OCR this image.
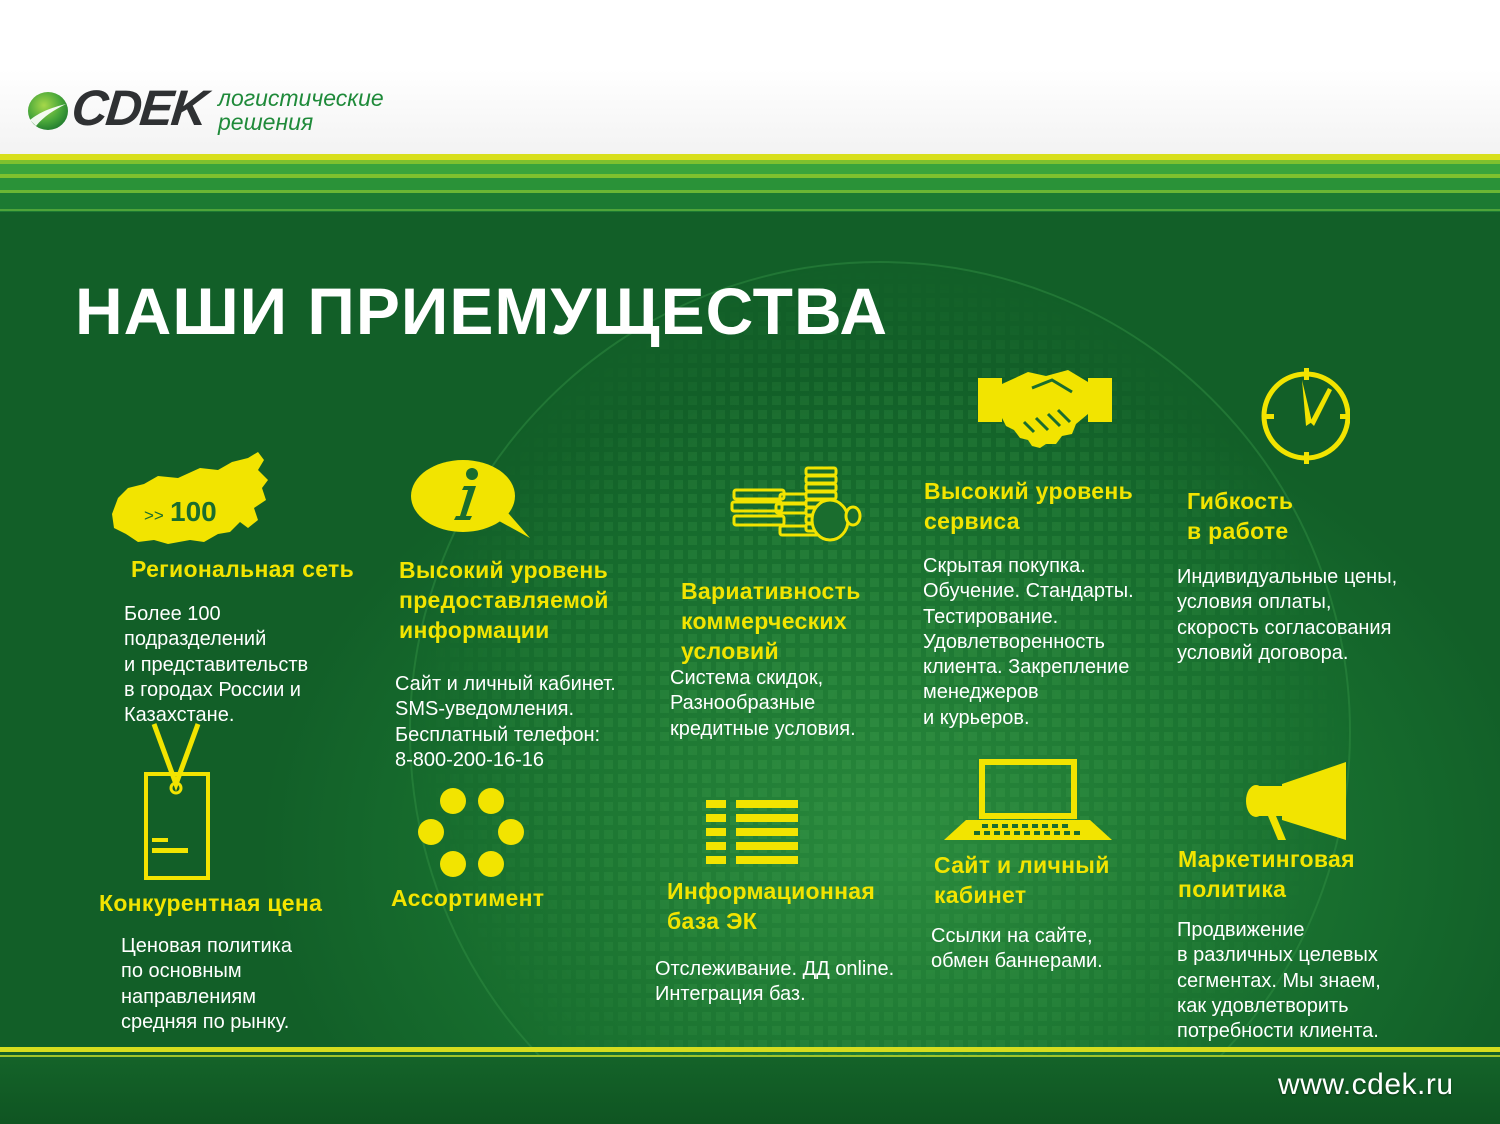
CDEK логистические
решения
НАШИ ПРИЕМУЩЕСТВА
>> 100
Региональная сеть
Более 100
подразделений
и представительств
в городах России и
Казахстане.
Высокий уровень
предоставляемой
информации
Сайт и личный кабинет.
SMS-уведомления.
Бесплатный телефон:
8-800-200-16-16
Вариативность
коммерческих
условий
Система скидок,
Разнообразные
кредитные условия.
Высокий уровень
сервиса
Скрытая покупка.
Обучение. Стандарты.
Тестирование.
Удовлетворенность
клиента. Закрепление
менеджеров
и курьеров.
Гибкость
в работе
Индивидуальные цены,
условия оплаты,
скорость согласования
условий договора.
Конкурентная цена
Ценовая политика
по основным
направлениям
средняя по рынку.
Ассортимент	Информационная
база ЭК
Отслеживание. ДД online.
Интеграция баз.
Сайт и личный
кабинет
Ссылки на сайте,
обмен баннерами.
Маркетинговая
политика
Продвижение
в различных целевых
сегментах. Мы знаем,
как удовлетворить
потребности клиента.
www.cdek.ru
